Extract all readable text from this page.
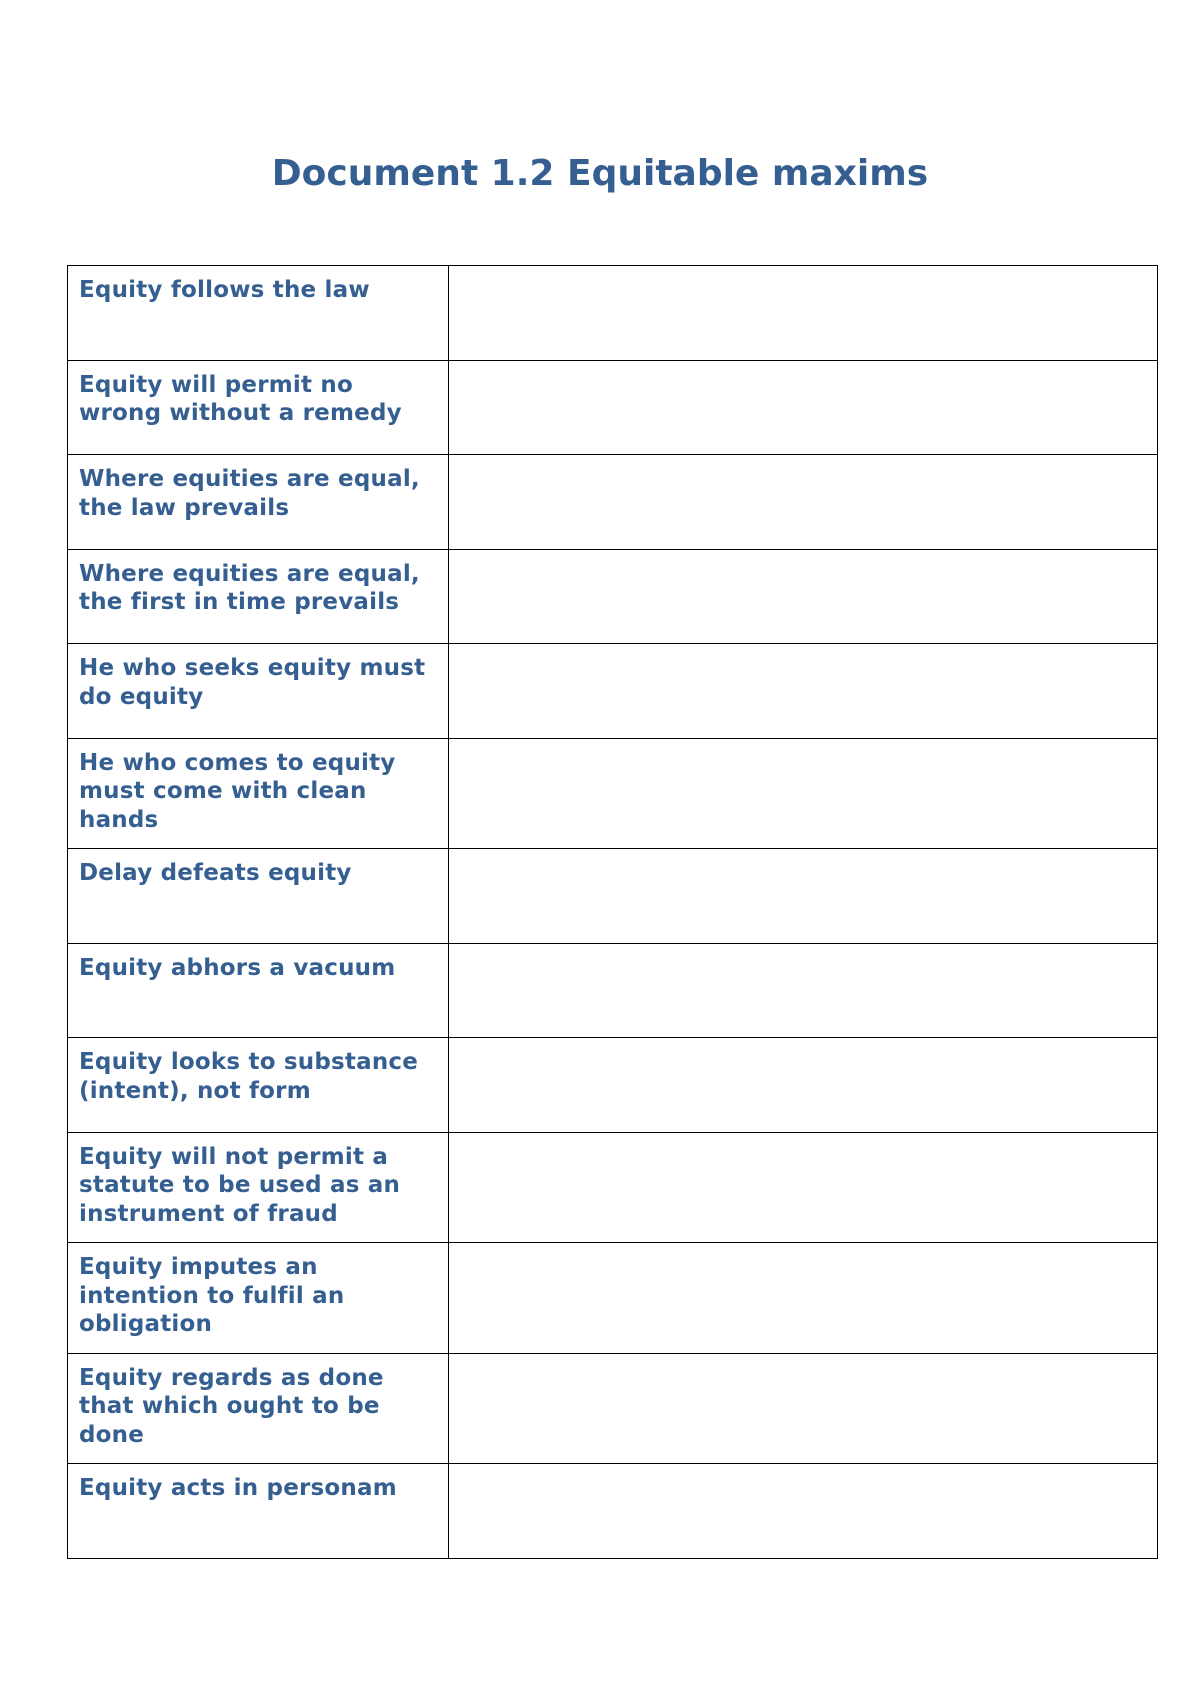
Document 1.2 Equitable maxims
Equity follows the law	
Equity will permit no wrong without a remedy	
Where equities are equal, the law prevails	
Where equities are equal, the first in time prevails	
He who seeks equity must do equity	
He who comes to equity must come with clean hands	
Delay defeats equity	
Equity abhors a vacuum	
Equity looks to substance (intent), not form	
Equity will not permit a statute to be used as an instrument of fraud	
Equity imputes an intention to fulfil an obligation	
Equity regards as done that which ought to be done	
Equity acts in personam	
